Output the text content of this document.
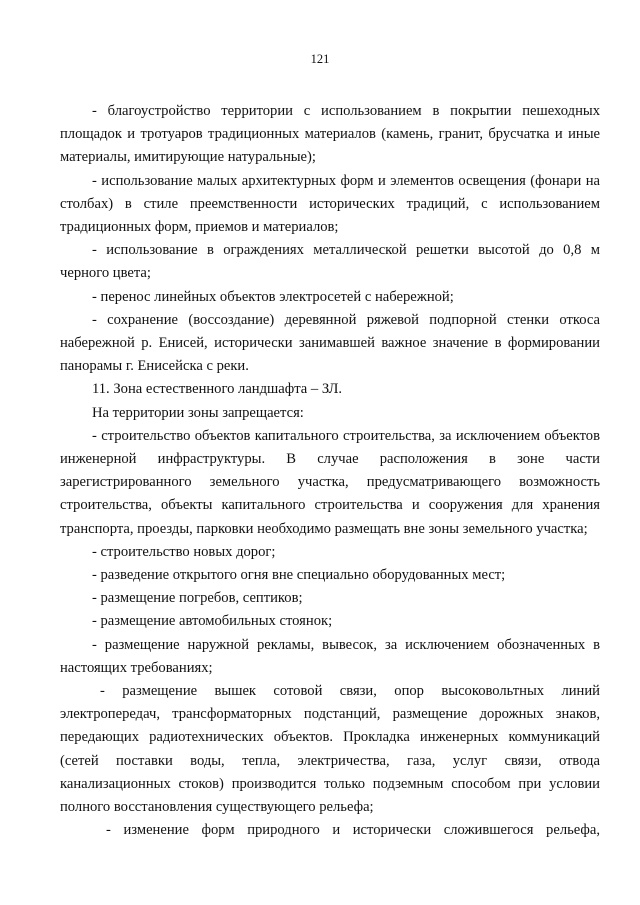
121

- благоустройство территории с использованием в покрытии пешеходных площадок и тротуаров традиционных материалов (камень, гранит, брусчатка и иные материалы, имитирующие натуральные);

- использование малых архитектурных форм и элементов освещения (фонари на столбах) в стиле преемственности исторических традиций, с использованием традиционных форм, приемов и материалов;

- использование в ограждениях металлической решетки высотой до 0,8 м черного цвета;

- перенос линейных объектов электросетей с набережной;

- сохранение (воссоздание) деревянной ряжевой подпорной стенки откоса набережной р. Енисей, исторически занимавшей важное значение в формировании панорамы г. Енисейска с реки.

11. Зона естественного ландшафта – ЗЛ.

На территории зоны запрещается:

- строительство объектов капитального строительства, за исключением объектов инженерной инфраструктуры. В случае расположения в зоне части зарегистрированного земельного участка, предусматривающего возможность строительства, объекты капитального строительства и сооружения для хранения транспорта, проезды, парковки необходимо размещать вне зоны земельного участка;

- строительство новых дорог;

- разведение открытого огня вне специально оборудованных мест;

- размещение погребов, септиков;

- размещение автомобильных стоянок;

- размещение наружной рекламы, вывесок, за исключением обозначенных в настоящих требованиях;

- размещение вышек сотовой связи, опор высоковольтных линий электропередач, трансформаторных подстанций, размещение дорожных знаков, передающих радиотехнических объектов. Прокладка инженерных коммуникаций (сетей поставки воды, тепла, электричества, газа, услуг связи, отвода канализационных стоков) производится только подземным способом при условии полного восстановления существующего рельефа;

- изменение форм природного и исторически сложившегося рельефа,
